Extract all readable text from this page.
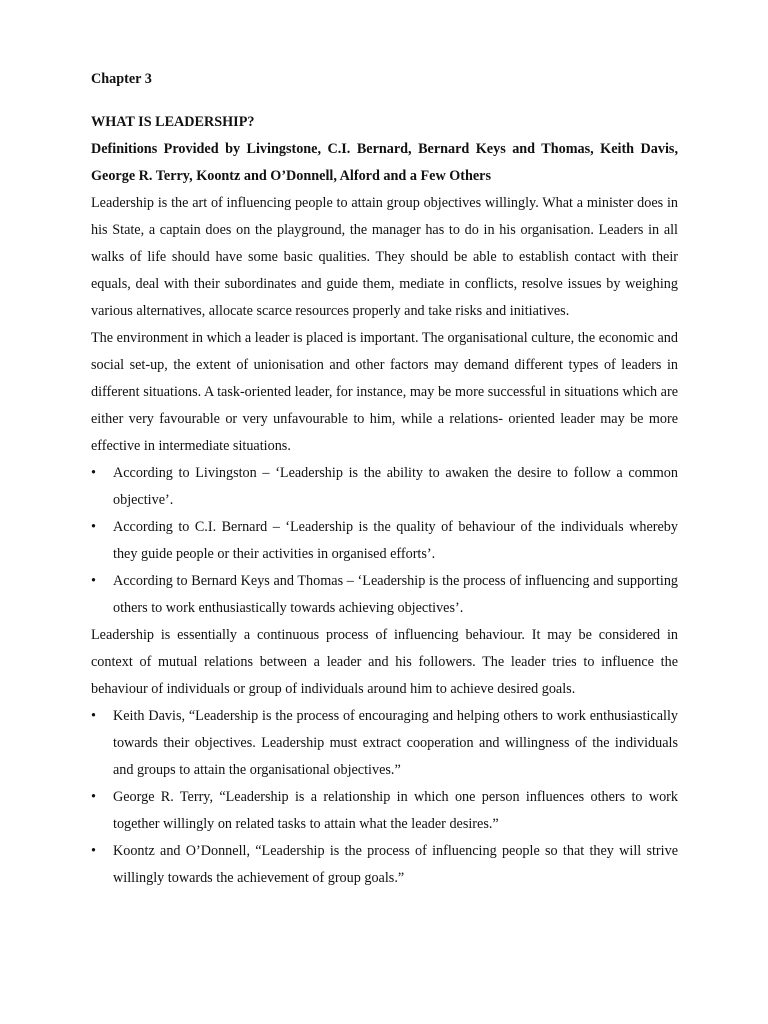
Chapter 3
WHAT IS LEADERSHIP?
Definitions Provided by Livingstone, C.I. Bernard, Bernard Keys and Thomas, Keith Davis, George R. Terry, Koontz and O’Donnell, Alford and a Few Others

Leadership is the art of influencing people to attain group objectives willingly. What a minister does in his State, a captain does on the playground, the manager has to do in his organisation. Leaders in all walks of life should have some basic qualities. They should be able to establish contact with their equals, deal with their subordinates and guide them, mediate in conflicts, resolve issues by weighing various alternatives, allocate scarce resources properly and take risks and initiatives.

The environment in which a leader is placed is important. The organisational culture, the economic and social set-up, the extent of unionisation and other factors may demand different types of leaders in different situations. A task-oriented leader, for instance, may be more successful in situations which are either very favourable or very unfavourable to him, while a relations- oriented leader may be more effective in intermediate situations.

•	According to Livingston – ‘Leadership is the ability to awaken the desire to follow a common objective’.
•	According to C.I. Bernard – ‘Leadership is the quality of behaviour of the individuals whereby they guide people or their activities in organised efforts’.
•	According to Bernard Keys and Thomas – ‘Leadership is the process of influencing and supporting others to work enthusiastically towards achieving objectives’.

Leadership is essentially a continuous process of influencing behaviour. It may be considered in context of mutual relations between a leader and his followers. The leader tries to influence the behaviour of individuals or group of individuals around him to achieve desired goals.

•	Keith Davis, “Leadership is the process of encouraging and helping others to work enthusiastically towards their objectives. Leadership must extract cooperation and willingness of the individuals and groups to attain the organisational objectives.”
•	George R. Terry, “Leadership is a relationship in which one person influences others to work together willingly on related tasks to attain what the leader desires.”
•	Koontz and O’Donnell, “Leadership is the process of influencing people so that they will strive willingly towards the achievement of group goals.”
